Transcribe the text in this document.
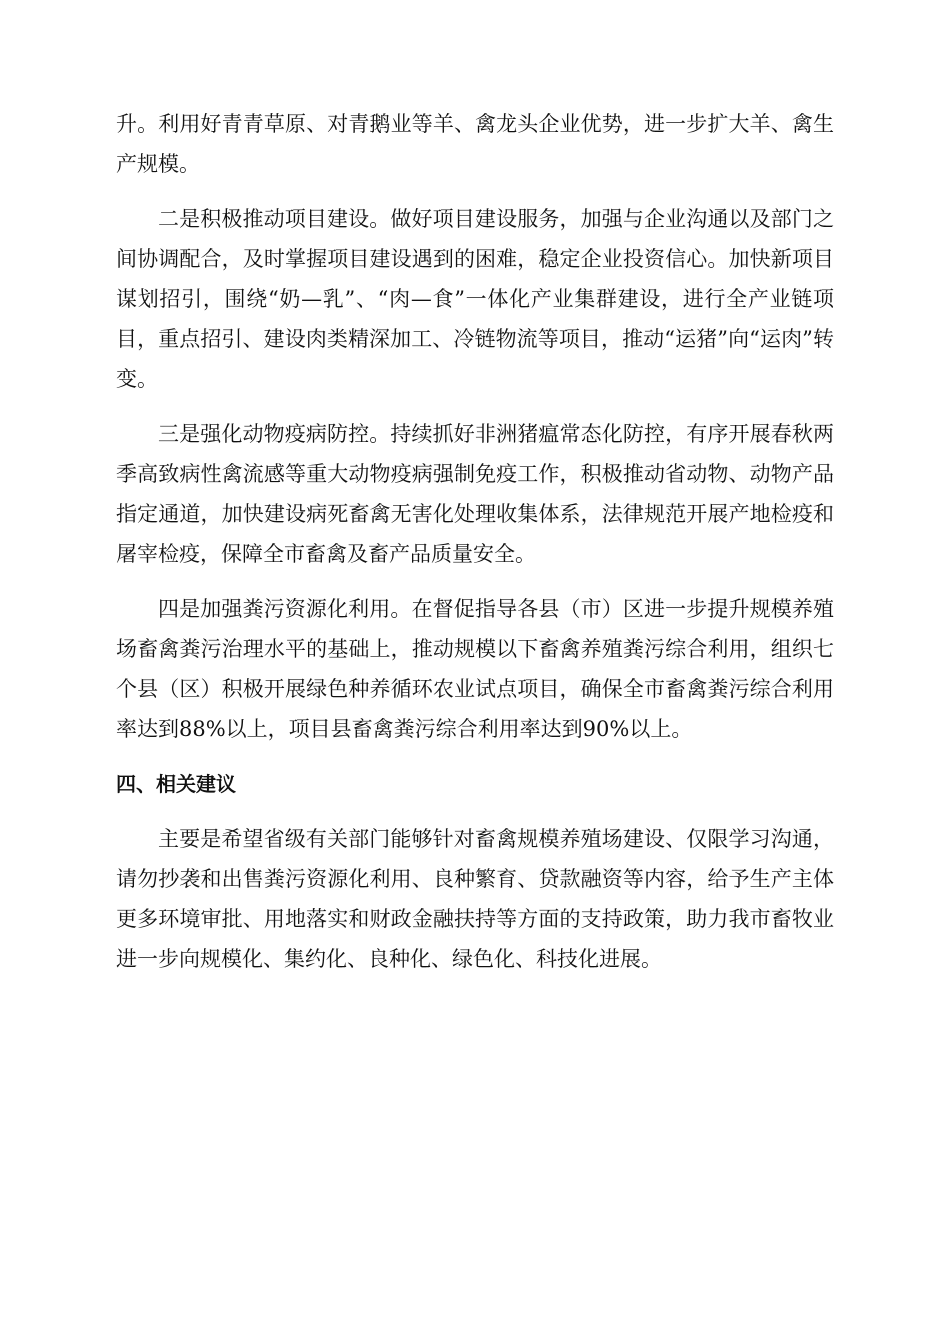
升。利用好青青草原、对青鹅业等羊、禽龙头企业优势，进一步扩大羊、禽生产规模。

二是积极推动项目建设。做好项目建设服务，加强与企业沟通以及部门之间协调配合，及时掌握项目建设遇到的困难，稳定企业投资信心。加快新项目谋划招引，围绕“奶—乳”、“肉—食”一体化产业集群建设，进行全产业链项目，重点招引、建设肉类精深加工、冷链物流等项目，推动“运猪”向“运肉”转变。

三是强化动物疫病防控。持续抓好非洲猪瘟常态化防控，有序开展春秋两季高致病性禽流感等重大动物疫病强制免疫工作，积极推动省动物、动物产品指定通道，加快建设病死畜禽无害化处理收集体系，法律规范开展产地检疫和屠宰检疫，保障全市畜禽及畜产品质量安全。

四是加强粪污资源化利用。在督促指导各县（市）区进一步提升规模养殖场畜禽粪污治理水平的基础上，推动规模以下畜禽养殖粪污综合利用，组织七个县（区）积极开展绿色种养循环农业试点项目，确保全市畜禽粪污综合利用率达到88%以上，项目县畜禽粪污综合利用率达到90%以上。

四、相关建议

主要是希望省级有关部门能够针对畜禽规模养殖场建设、仅限学习沟通，请勿抄袭和出售粪污资源化利用、良种繁育、贷款融资等内容，给予生产主体更多环境审批、用地落实和财政金融扶持等方面的支持政策，助力我市畜牧业进一步向规模化、集约化、良种化、绿色化、科技化进展。
